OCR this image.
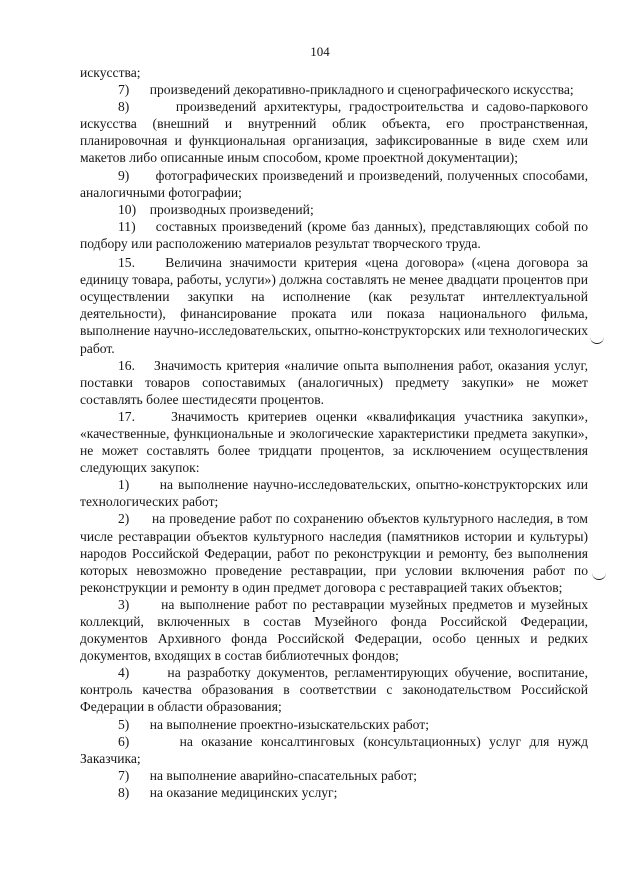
104

искусства;

7)      произведений декоративно-прикладного и сценографического искусства;

8)      произведений архитектуры, градостроительства и садово-паркового искусства (внешний и внутренний облик объекта, его пространственная, планировочная и функциональная организация, зафиксированные в виде схем или макетов либо описанные иным способом, кроме проектной документации);

9)      фотографических произведений и произведений, полученных способами, аналогичными фотографии;

10)    производных произведений;

11)    составных произведений (кроме баз данных), представляющих собой по подбору или расположению материалов результат творческого труда.

15.    Величина значимости критерия «цена договора» («цена договора за единицу товара, работы, услуги») должна составлять не менее двадцати процентов при осуществлении закупки на исполнение (как результат интеллектуальной деятельности), финансирование проката или показа национального фильма, выполнение научно-исследовательских, опытно-конструкторских или технологических работ.

16.    Значимость критерия «наличие опыта выполнения работ, оказания услуг, поставки товаров сопоставимых (аналогичных) предмету закупки» не может составлять более шестидесяти процентов.

17.    Значимость критериев оценки «квалификация участника закупки», «качественные, функциональные и экологические характеристики предмета закупки», не может составлять более тридцати процентов, за исключением осуществления следующих закупок:

1)      на выполнение научно-исследовательских, опытно-конструкторских или технологических работ;

2)      на проведение работ по сохранению объектов культурного наследия, в том числе реставрации объектов культурного наследия (памятников истории и культуры) народов Российской Федерации, работ по реконструкции и ремонту, без выполнения которых невозможно проведение реставрации, при условии включения работ по реконструкции и ремонту в один предмет договора с реставрацией таких объектов;

3)      на выполнение работ по реставрации музейных предметов и музейных коллекций, включенных в состав Музейного фонда Российской Федерации, документов Архивного фонда Российской Федерации, особо ценных и редких документов, входящих в состав библиотечных фондов;

4)      на разработку документов, регламентирующих обучение, воспитание, контроль качества образования в соответствии с законодательством Российской Федерации в области образования;

5)      на выполнение проектно-изыскательских работ;

6)      на оказание консалтинговых (консультационных) услуг для нужд Заказчика;

7)      на выполнение аварийно-спасательных работ;

8)      на оказание медицинских услуг;
